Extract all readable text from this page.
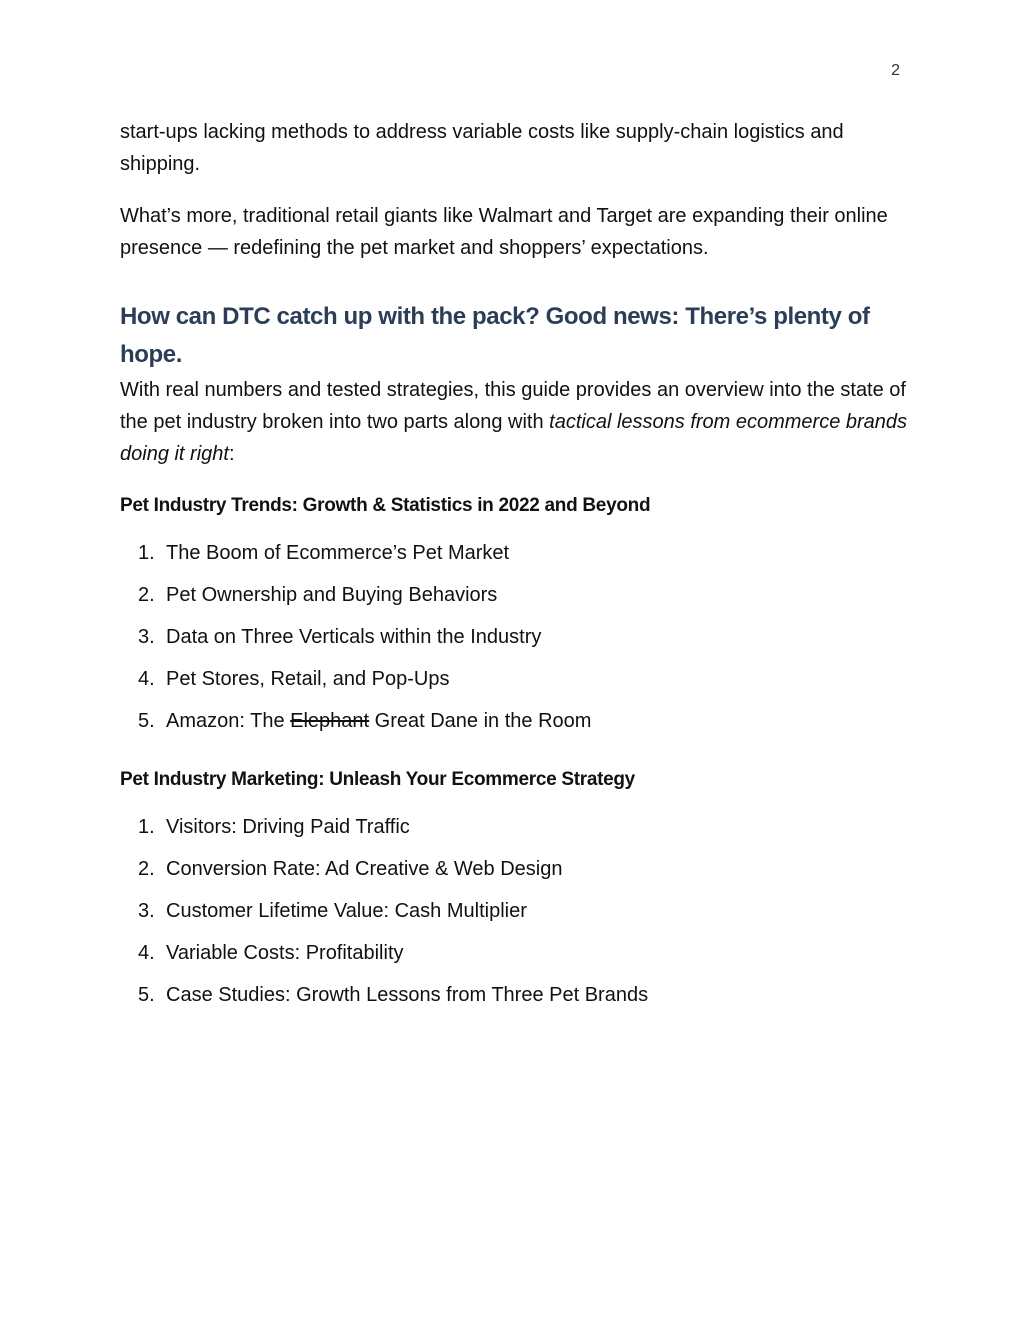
2

start-ups lacking methods to address variable costs like supply-chain logistics and shipping.

What’s more, traditional retail giants like Walmart and Target are expanding their online presence — redefining the pet market and shoppers’ expectations.

How can DTC catch up with the pack? Good news: There’s plenty of hope.

With real numbers and tested strategies, this guide provides an overview into the state of the pet industry broken into two parts along with tactical lessons from ecommerce brands doing it right:

Pet Industry Trends: Growth & Statistics in 2022 and Beyond
1. The Boom of Ecommerce’s Pet Market
2. Pet Ownership and Buying Behaviors
3. Data on Three Verticals within the Industry
4. Pet Stores, Retail, and Pop-Ups
5. Amazon: The Elephant Great Dane in the Room
Pet Industry Marketing: Unleash Your Ecommerce Strategy
1. Visitors: Driving Paid Traffic
2. Conversion Rate: Ad Creative & Web Design
3. Customer Lifetime Value: Cash Multiplier
4. Variable Costs: Profitability
5. Case Studies: Growth Lessons from Three Pet Brands
